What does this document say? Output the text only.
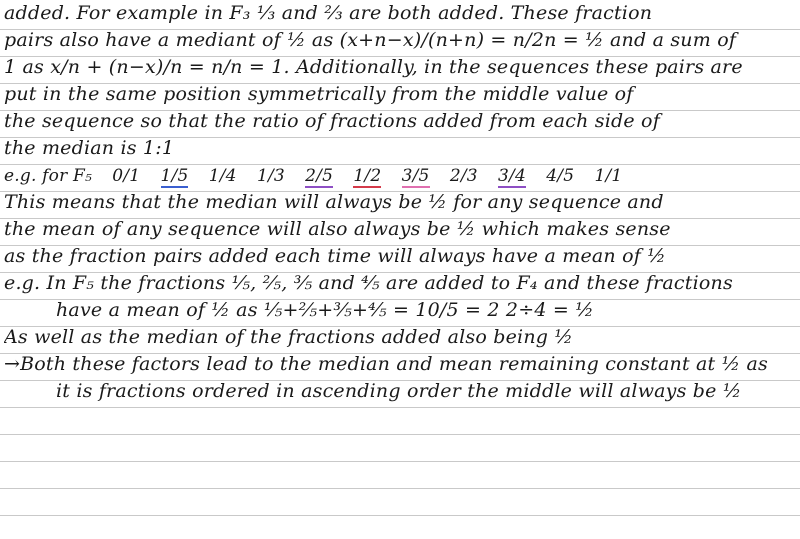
added. For example in F₃ ⅓ and ⅔ are both added. These fraction
pairs also have a mediant of ½ as (x+n−x)/(n+n) = n/2n = ½ and a sum of
1 as x/n + (n−x)/n = n/n = 1. Additionally, in the sequences these pairs are
put in the same position symmetrically from the middle value of
the sequence so that the ratio of fractions added from each side of
the median is 1:1
e.g. for F₅ 0/1 1/5 1/4 1/3 2/5 1/2 3/5 2/3 3/4 4/5 1/1
This means that the median will always be ½ for any sequence and
the mean of any sequence will also always be ½ which makes sense
as the fraction pairs added each time will always have a mean of ½
e.g. In F₅ the fractions ⅕, ⅖, ⅗ and ⅘ are added to F₄ and these fractions
have a mean of ½ as ⅕+⅖+⅗+⅘ = 10/5 = 2 2÷4 = ½
As well as the median of the fractions added also being ½
→Both these factors lead to the median and mean remaining constant at ½ as
it is fractions ordered in ascending order the middle will always be ½
